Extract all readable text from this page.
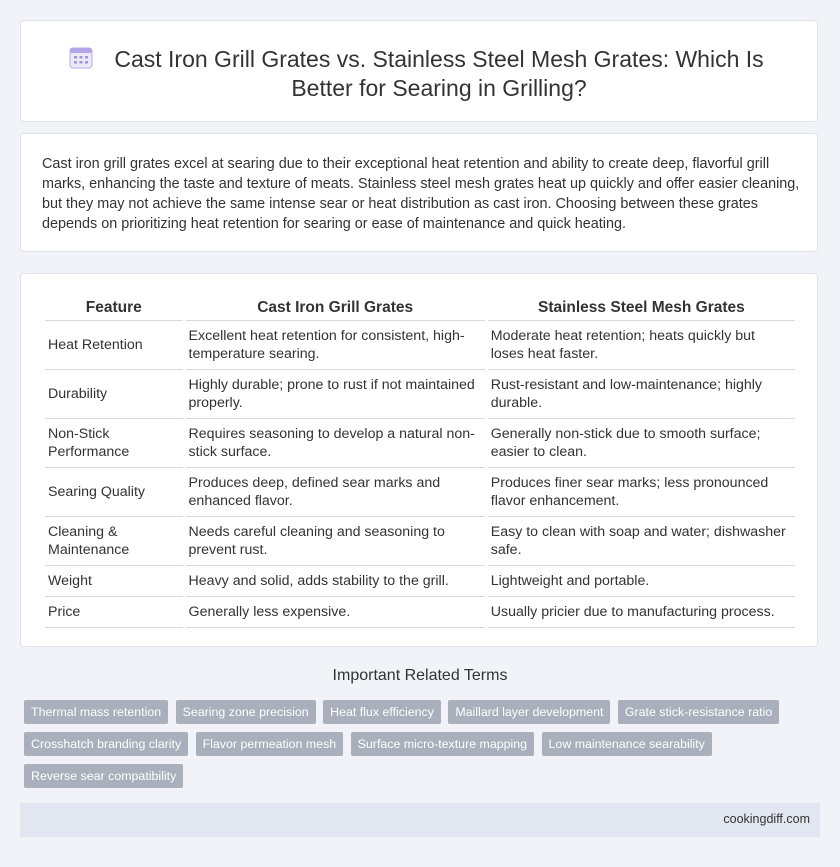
Cast Iron Grill Grates vs. Stainless Steel Mesh Grates: Which Is Better for Searing in Grilling?

Cast iron grill grates excel at searing due to their exceptional heat retention and ability to create deep, flavorful grill marks, enhancing the taste and texture of meats. Stainless steel mesh grates heat up quickly and offer easier cleaning, but they may not achieve the same intense sear or heat distribution as cast iron. Choosing between these grates depends on prioritizing heat retention for searing or ease of maintenance and quick heating.

Feature	Cast Iron Grill Grates	Stainless Steel Mesh Grates
Heat Retention	Excellent heat retention for consistent, high-temperature searing.	Moderate heat retention; heats quickly but loses heat faster.
Durability	Highly durable; prone to rust if not maintained properly.	Rust-resistant and low-maintenance; highly durable.
Non-Stick Performance	Requires seasoning to develop a natural non-stick surface.	Generally non-stick due to smooth surface; easier to clean.
Searing Quality	Produces deep, defined sear marks and enhanced flavor.	Produces finer sear marks; less pronounced flavor enhancement.
Cleaning & Maintenance	Needs careful cleaning and seasoning to prevent rust.	Easy to clean with soap and water; dishwasher safe.
Weight	Heavy and solid, adds stability to the grill.	Lightweight and portable.
Price	Generally less expensive.	Usually pricier due to manufacturing process.
Important Related Terms
Thermal mass retention Searing zone precision Heat flux efficiency Maillard layer development Grate stick-resistance ratio Crosshatch branding clarity Flavor permeation mesh Surface micro-texture mapping Low maintenance searability Reverse sear compatibility
cookingdiff.com
